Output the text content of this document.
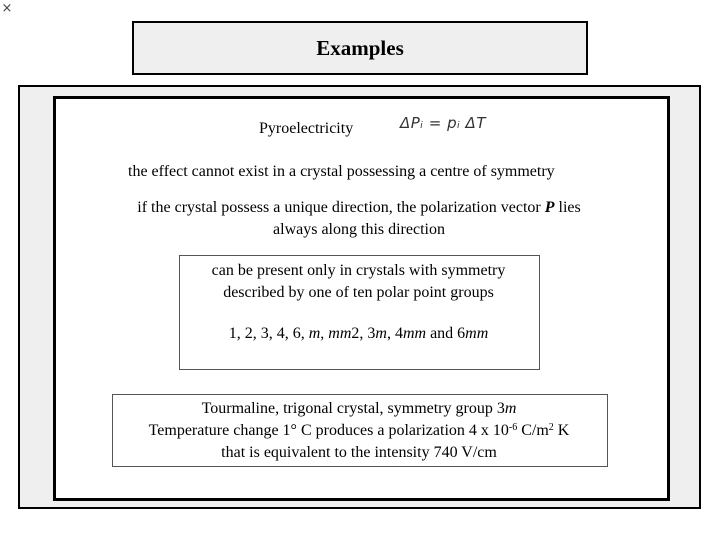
×
Examples
Pyroelectricity	ΔPᵢ = pᵢ ΔT
the effect cannot exist in a crystal possessing a centre of symmetry
if the crystal possess a unique direction, the polarization vector P lies
always along this direction
can be present only in crystals with symmetry
described by one of ten polar point groups
1, 2, 3, 4, 6, m, mm2, 3m, 4mm and 6mm
Tourmaline, trigonal crystal, symmetry group 3m
Temperature change 1° C produces a polarization 4 x $10^{-6}$ $C/m^2$ K
that is equivalent to the intensity 740 V/cm
